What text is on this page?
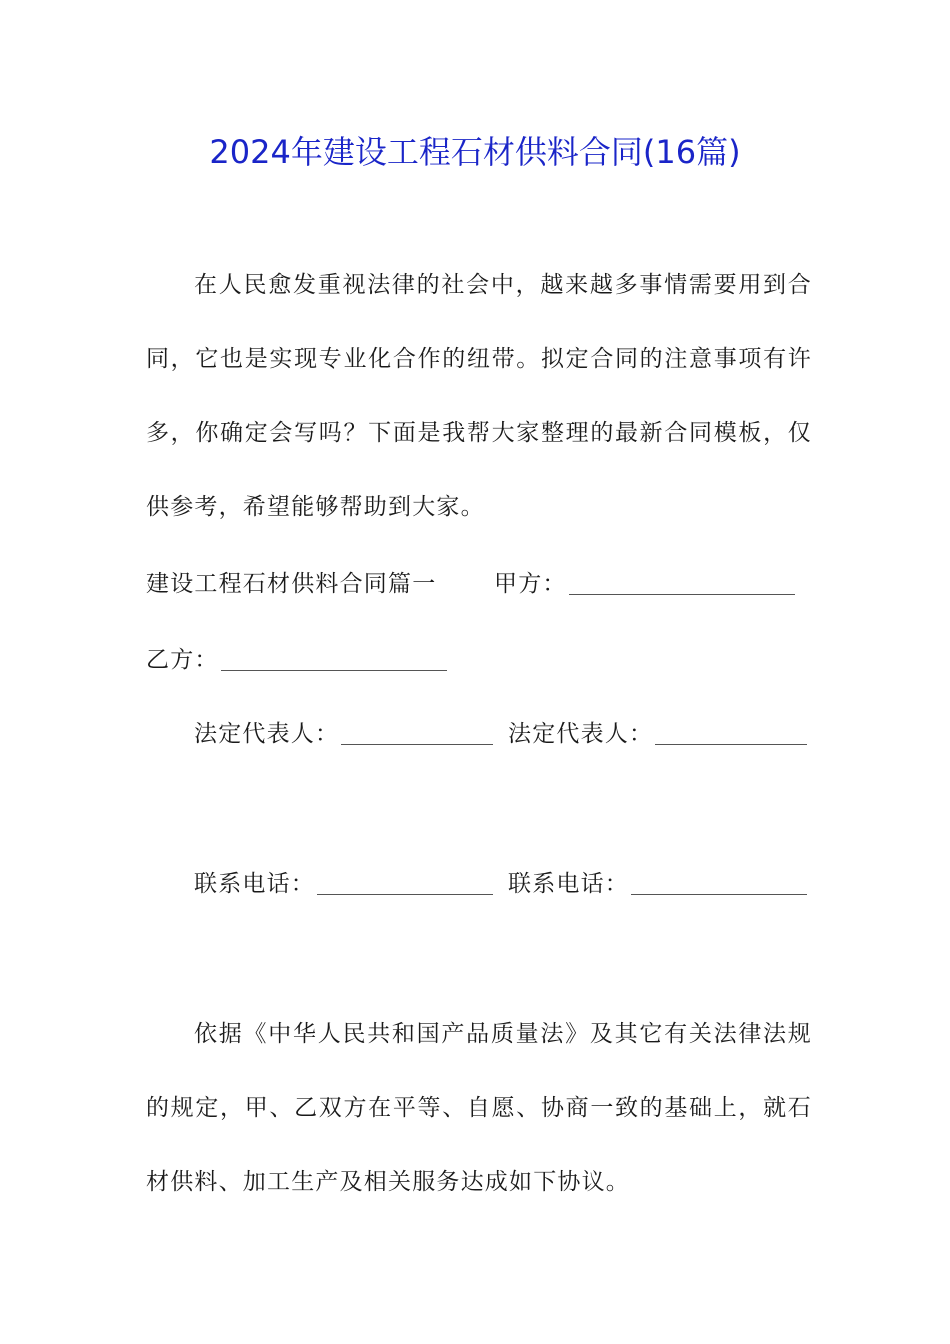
2024年建设工程石材供料合同(16篇)

在人民愈发重视法律的社会中，越来越多事情需要用到合同，它也是实现专业化合作的纽带。拟定合同的注意事项有许多，你确定会写吗？下面是我帮大家整理的最新合同模板，仅供参考，希望能够帮助到大家。

建设工程石材供料合同篇一	甲方：
乙方：
法定代表人：	法定代表人：
联系电话：	联系电话：

依据《中华人民共和国产品质量法》及其它有关法律法规的规定，甲、乙双方在平等、自愿、协商一致的基础上，就石材供料、加工生产及相关服务达成如下协议。
